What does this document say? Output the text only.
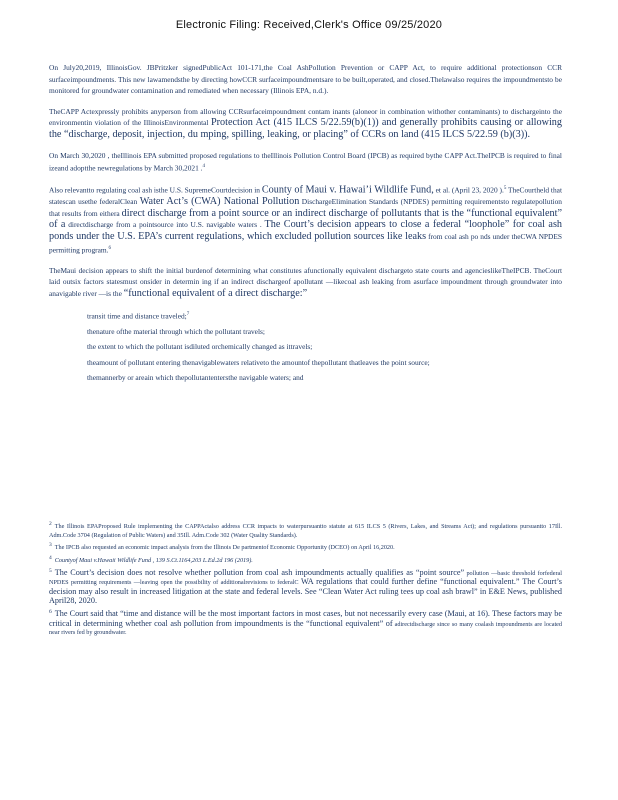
Electronic Filing: Received,Clerk's Office 09/25/2020

On July20,2019, IllinoisGov. JBPritzker signedPublicAct 101-171,the Coal AshPollution Prevention or CAPP Act, to require additional protectionson CCR surfaceimpoundments. This new lawamendsthe by directing howCCR surfaceimpoundmentsare to be built,operated, and closed.Thelawalso requires the impoundmentsto be monitored for groundwater contamination and remediated when necessary (Illinois EPA, n.d.).

TheCAPP Actexpressly prohibits anyperson from allowing CCRsurfaceimpoundment contam inants (aloneor in combination withother contaminants) to dischargeinto the environmentin violation of the IllinoisEnvironmental Protection Act (415 ILCS 5/22.59(b)(1)) and generally prohibits causing or allowing the “discharge, deposit, injection, du mping, spilling, leaking, or placing” of CCRs on land (415 ILCS 5/22.59 (b)(3)).

On March 30,2020 , theIllinois EPA submitted proposed regulations to theIllinois Pollution Control Board (IPCB) as required bythe CAPP Act.TheIPCB is required to final izeand adoptthe newregulations by March 30,2021 .$^4$

Also relevantto regulating coal ash isthe U.S. SupremeCourtdecision in County of Maui v. Hawai’i Wildlife Fund, et al. (April 23, 2020 ).$^5$ TheCourtheld that statescan usethe federalClean Water Act’s (CWA) National Pollution DischargeElimination Standards (NPDES) permitting requirementsto regulatepollution that results from eithera direct discharge from a point source or an indirect discharge of pollutants that is the “functional equivalent” of a directdischarge from a pointsource into U.S. navigable waters . The Court’s decision appears to close a federal “loophole” for coal ash ponds under the U.S. EPA’s current regulations, which excluded pollution sources like leaks from coal ash po nds under theCWA NPDES permitting program.$^6$

TheMaui decision appears to shift the initial burdenof determining what constitutes afunctionally equivalent dischargeto state courts and agencieslikeTheIPCB. TheCourt laid outsix factors statesmust onsider in determin ing if an indirect dischargeof apollutant —likecoal ash leaking from asurface impoundment through groundwater into anavigable river —is the “functional equivalent of a direct discharge:”

transit time and distance traveled;$^7$
thenature ofthe material through which the pollutant travels;
the extent to which the pollutant isdiluted orchemically changed as ittravels;
theamount of pollutant entering thenavigablewaters relativeto the amountof thepollutant thatleaves the point source;
themannerby or areain which thepollutantentersthe navigable waters; and
2 The Illinois EPAProposed Rule implementing the CAPPActalso address CCR impacts to waterpursuantto statute at 615 ILCS 5 (Rivers, Lakes, and Streams Act); and regulations pursuantto 17Ill. Adm.Code 3704 (Regulation of Public Waters) and 35Ill. Adm.Code 302 (Water Quality Standards).
3 The IPCB also requested an economic impact analysis from the Illinois De partmentof Economic Opportunity (DCEO) on April 16,2020.
4 Countyof Maui v.Hawaii Wildlife Fund , 139 S.Ct.1164,203 L.Ed.2d 196 (2019).
5 The Court’s decision does not resolve whether pollution from coal ash impoundments actually qualifies as “point source” pollution —basic threshold forfederal NPDES permitting requirements —leaving open the possibility of additionalrevisions to federalC WA regulations that could further define “functional equivalent.” The Court’s decision may also result in increased litigation at the state and federal levels. See “Clean Water Act ruling tees up coal ash brawl” in E&E News, published April28, 2020.
6 The Court said that “time and distance will be the most important factors in most cases, but not necessarily every case (Maui, at 16). These factors may be critical in determining whether coal ash pollution from impoundments is the “functional equivalent” of adirectdischarge since so many coalash impoundments are located near rivers fed by groundwater.
